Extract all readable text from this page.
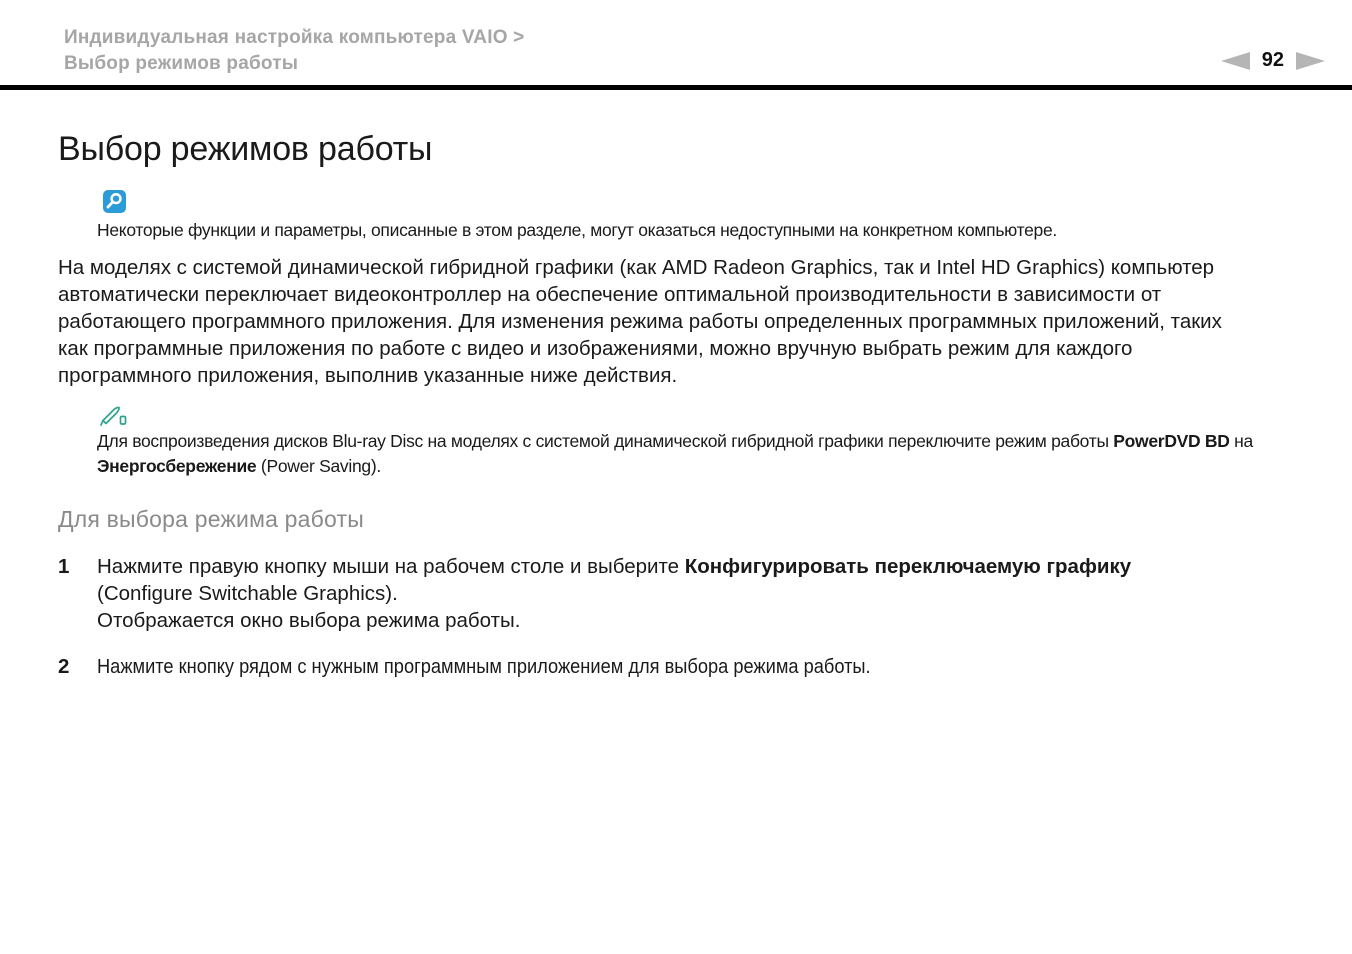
Индивидуальная настройка компьютера VAIO >
Выбор режимов работы	92
Выбор режимов работы
Некоторые функции и параметры, описанные в этом разделе, могут оказаться недоступными на конкретном компьютере.

На моделях с системой динамической гибридной графики (как AMD Radeon Graphics, так и Intel HD Graphics) компьютер автоматически переключает видеоконтроллер на обеспечение оптимальной производительности в зависимости от работающего программного приложения. Для изменения режима работы определенных программных приложений, таких как программные приложения по работе с видео и изображениями, можно вручную выбрать режим для каждого программного приложения, выполнив указанные ниже действия.

Для воспроизведения дисков Blu-ray Disc на моделях с системой динамической гибридной графики переключите режим работы PowerDVD BD на
Энергосбережение (Power Saving).
Для выбора режима работы
1	Нажмите правую кнопку мыши на рабочем столе и выберите Конфигурировать переключаемую графику
(Configure Switchable Graphics).
Отображается окно выбора режима работы.
2	Нажмите кнопку рядом с нужным программным приложением для выбора режима работы.
